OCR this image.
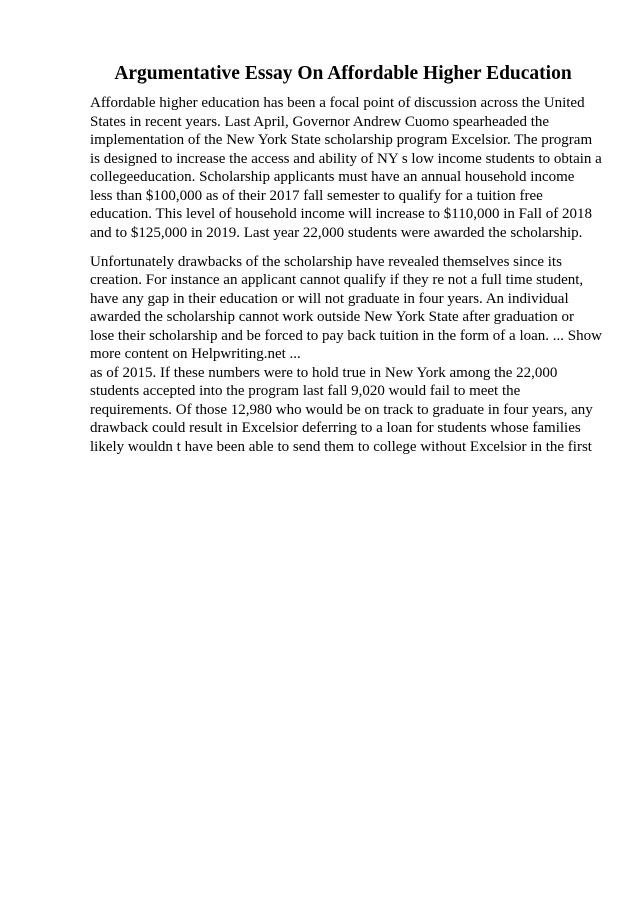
Argumentative Essay On Affordable Higher Education
Affordable higher education has been a focal point of discussion across the United
States in recent years. Last April, Governor Andrew Cuomo spearheaded the
implementation of the New York State scholarship program Excelsior. The program
is designed to increase the access and ability of NY s low income students to obtain a
collegeeducation. Scholarship applicants must have an annual household income
less than $100,000 as of their 2017 fall semester to qualify for a tuition free
education. This level of household income will increase to $110,000 in Fall of 2018
and to $125,000 in 2019. Last year 22,000 students were awarded the scholarship.
Unfortunately drawbacks of the scholarship have revealed themselves since its
creation. For instance an applicant cannot qualify if they re not a full time student,
have any gap in their education or will not graduate in four years. An individual
awarded the scholarship cannot work outside New York State after graduation or
lose their scholarship and be forced to pay back tuition in the form of a loan. ... Show
more content on Helpwriting.net ...
as of 2015. If these numbers were to hold true in New York among the 22,000
students accepted into the program last fall 9,020 would fail to meet the
requirements. Of those 12,980 who would be on track to graduate in four years, any
drawback could result in Excelsior deferring to a loan for students whose families
likely wouldn t have been able to send them to college without Excelsior in the first
